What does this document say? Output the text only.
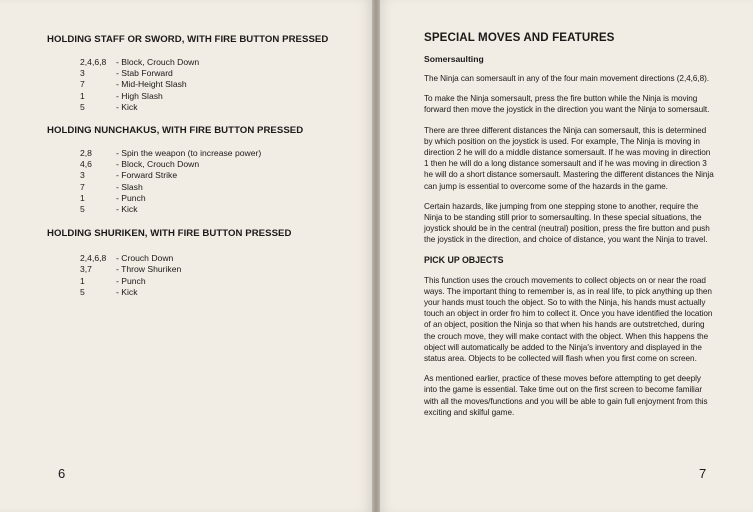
HOLDING STAFF OR SWORD, WITH FIRE BUTTON PRESSED

2,4,6,8	- Block, Crouch Down
3	- Stab Forward
7	- Mid-Height Slash
1	- High Slash
5	- Kick

HOLDING NUNCHAKUS, WITH FIRE BUTTON PRESSED

2,8	- Spin the weapon (to increase power)
4,6	- Block, Crouch Down
3	- Forward Strike
7	- Slash
1	- Punch
5	- Kick

HOLDING SHURIKEN, WITH FIRE BUTTON PRESSED

2,4,6,8	- Crouch Down
3,7	- Throw Shuriken
1	- Punch
5	- Kick
6

SPECIAL MOVES AND FEATURES

Somersaulting

The Ninja can somersault in any of the four main movement directions (2,4,6,8).

To make the Ninja somersault, press the fire button while the Ninja is moving forward then move the joystick in the direction you want the Ninja to somersault.

There are three different distances the Ninja can somersault, this is determined by which position on the joystick is used. For example, The Ninja is moving in direction 2 he will do a middle distance somersault. If he was moving in direction 1 then he will do a long distance somersault and if he was moving in direction 3 he will do a short distance somersault. Mastering the different distances the Ninja can jump is essential to overcome some of the hazards in the game.

Certain hazards, like jumping from one stepping stone to another, require the Ninja to be standing still prior to somersaulting. In these special situations, the joystick should be in the central (neutral) position, press the fire button and push the joystick in the direction, and choice of distance, you want the Ninja to travel.

PICK UP OBJECTS

This function uses the crouch movements to collect objects on or near the road ways. The important thing to remember is, as in real life, to pick anything up then your hands must touch the object. So to with the Ninja, his hands must actually touch an object in order fro him to collect it. Once you have identified the location of an object, position the Ninja so that when his hands are outstretched, during the crouch move, they will make contact with the object. When this happens the object will automatically be added to the Ninja's inventory and displayed in the status area. Objects to be collected will flash when you first come on screen.

As mentioned earlier, practice of these moves before attempting to get deeply into the game is essential. Take time out on the first screen to become familiar with all the moves/functions and you will be able to gain full enjoyment from this exciting and skilful game.

7
